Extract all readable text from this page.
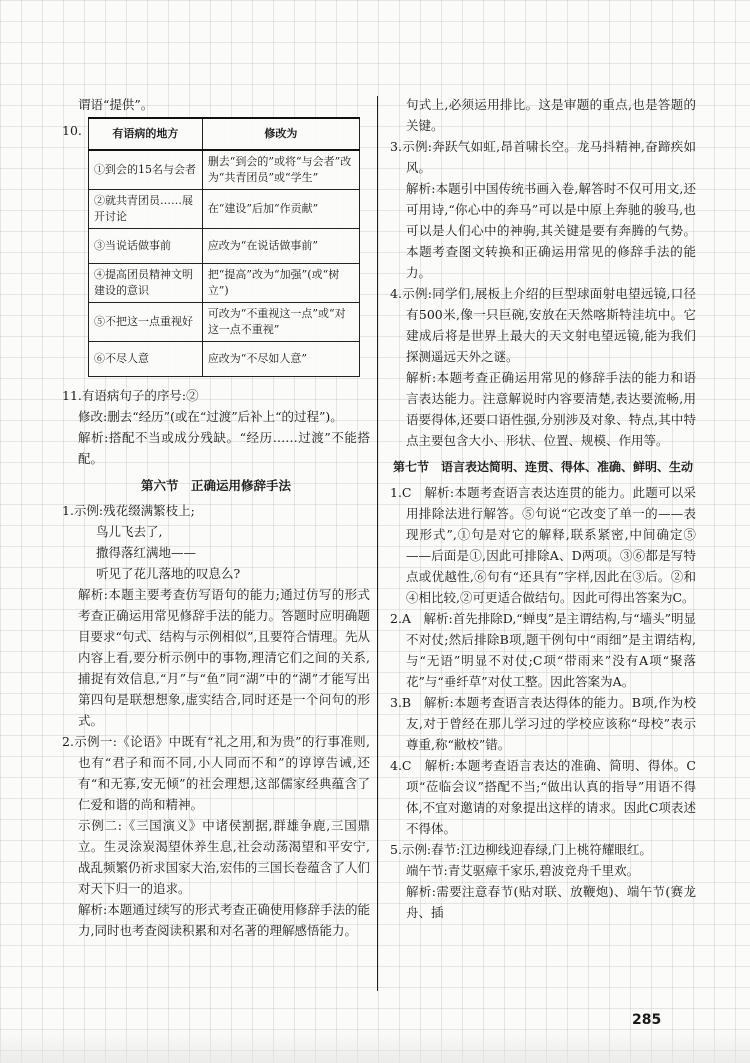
谓语“提供”。

10.	有语病的地方	修改为
①到会的15名与会者	删去“到会的”或将“与会者”改为“共青团员”或“学生”
②就共青团员……展开讨论	在“建设”后加“作贡献”
③当说话做事前	应改为“在说话做事前”
④提高团员精神文明建设的意识	把“提高”改为“加强”(或“树立”)
⑤不把这一点重视好	可改为“不重视这一点”或“对这一点不重视”
⑥不尽人意	应改为“不尽如人意”

11.有语病句子的序号:②

修改:删去“经历”(或在“过渡”后补上“的过程”)。

解析:搭配不当或成分残缺。“经历……过渡”不能搭配。

第六节　正确运用修辞手法

1.示例:残花缀满繁枝上;

鸟儿飞去了,

撒得落红满地——

听见了花儿落地的叹息么?

解析:本题主要考查仿写语句的能力;通过仿写的形式考查正确运用常见修辞手法的能力。答题时应明确题目要求“句式、结构与示例相似”,且要符合情理。先从内容上看,要分析示例中的事物,理清它们之间的关系,捕捉有效信息,“月”与“鱼”同“湖”中的“湖”才能写出第四句是联想想象,虚实结合,同时还是一个问句的形式。

2.示例一:《论语》中既有“礼之用,和为贵”的行事准则,也有“君子和而不同,小人同而不和”的谆谆告诫,还有“和无寡,安无倾”的社会理想,这部儒家经典蕴含了仁爱和谐的尚和精神。

示例二:《三国演义》中诸侯割据,群雄争鹿,三国鼎立。生灵涂炭渴望休养生息,社会动荡渴望和平安宁,战乱频繁仍祈求国家大治,宏伟的三国长卷蕴含了人们对天下归一的追求。

解析:本题通过续写的形式考查正确使用修辞手法的能力,同时也考查阅读积累和对名著的理解感悟能力。

句式上,必须运用排比。这是审题的重点,也是答题的关键。

3.示例:奔跃气如虹,昂首啸长空。龙马抖精神,奋蹄疾如风。

解析:本题引中国传统书画入卷,解答时不仅可用文,还可用诗,“你心中的奔马”可以是中原上奔驰的骏马,也可以是人们心中的神驹,其关键是要有奔腾的气势。本题考查图文转换和正确运用常见的修辞手法的能力。

4.示例:同学们,展板上介绍的巨型球面射电望远镜,口径有500米,像一只巨碗,安放在天然喀斯特洼坑中。它建成后将是世界上最大的天文射电望远镜,能为我们探测遥远天外之谜。

解析:本题考查正确运用常见的修辞手法的能力和语言表达能力。注意解说时内容要清楚,表达要流畅,用语要得体,还要口语性强,分别涉及对象、特点,其中特点主要包含大小、形状、位置、规模、作用等。

第七节　语言表达简明、连贯、得体、准确、鲜明、生动

1.C　解析:本题考查语言表达连贯的能力。此题可以采用排除法进行解答。⑤句说“它改变了单一的——表现形式”,①句是对它的解释,联系紧密,中间确定⑤——后面是①,因此可排除A、D两项。③⑥都是写特点或优越性,⑥句有“还具有”字样,因此在③后。②和④相比较,②可更适合做结句。因此可得出答案为C。

2.A　解析:首先排除D,“蝉曳”是主谓结构,与“墙头”明显不对仗;然后排除B项,题干例句中“雨细”是主谓结构,与“无语”明显不对仗;C项“带雨来”没有A项“聚落花”与“垂纤草”对仗工整。因此答案为A。

3.B　解析:本题考查语言表达得体的能力。B项,作为校友,对于曾经在那儿学习过的学校应该称“母校”表示尊重,称“敝校”错。

4.C　解析:本题考查语言表达的准确、简明、得体。C项“莅临会议”搭配不当;“做出认真的指导”用语不得体,不宜对邀请的对象提出这样的请求。因此C项表述不得体。

5.示例:春节:江边柳线迎春绿,门上桃符耀眼红。

端午节:青艾驱瘴千家乐,碧波竞舟千里欢。

解析:需要注意春节(贴对联、放鞭炮)、端午节(赛龙舟、插

285
